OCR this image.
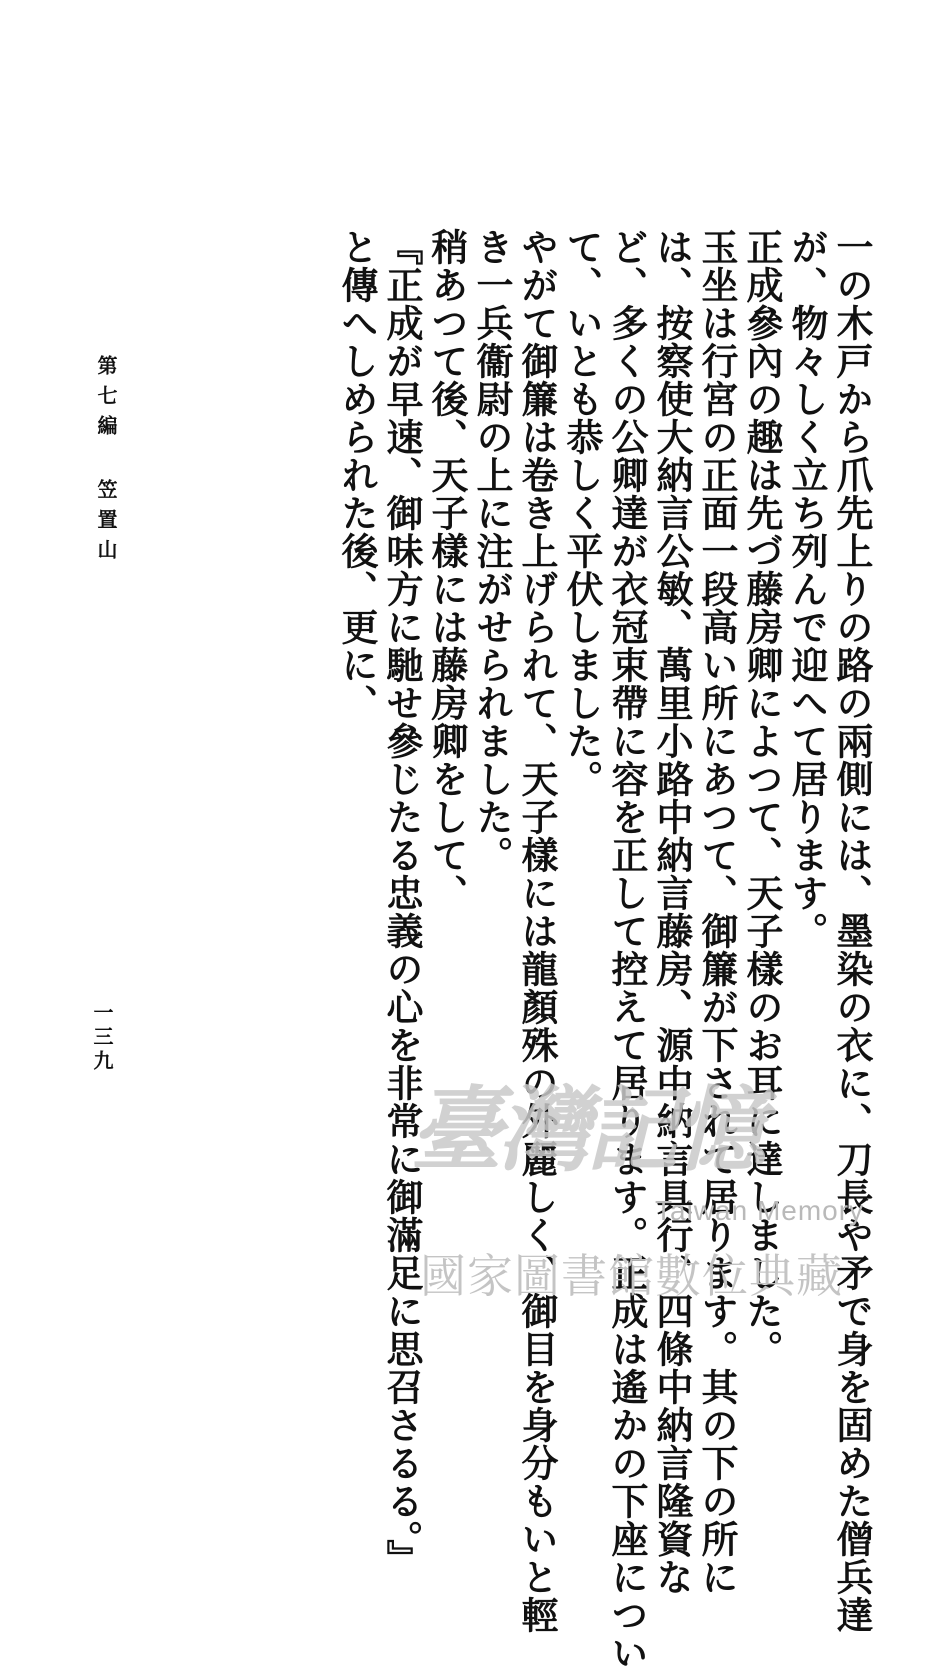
一の木戸から爪先上りの路の兩側には、墨染の衣に、刀長や矛で身を固めた僧兵達
が、物々しく立ち列んで迎へて居ります。
正成參內の趣は先づ藤房卿によつて、天子樣のお耳に達しました。
玉坐は行宮の正面一段高い所にあつて、御簾が下されて居ります。其の下の所に
は、按察使大納言公敏、萬里小路中納言藤房、源中納言具行、四條中納言隆資な
ど、多くの公卿達が衣冠束帶に容を正して控えて居ります。正成は遙かの下座につい
て、いとも恭しく平伏しました。
やがて御簾は卷き上げられて、天子樣には龍顏殊の外麗しく、御目を身分もいと輕
き一兵衞尉の上に注がせられました。
稍あつて後、天子樣には藤房卿をして、
『正成が早速、御味方に馳せ參じたる忠義の心を非常に御滿足に思召さるる。』
と傳へしめられた後、更に、
第七編 笠置山
一三九
臺灣記憶
Taiwan Memory
國家圖書館數位典藏
